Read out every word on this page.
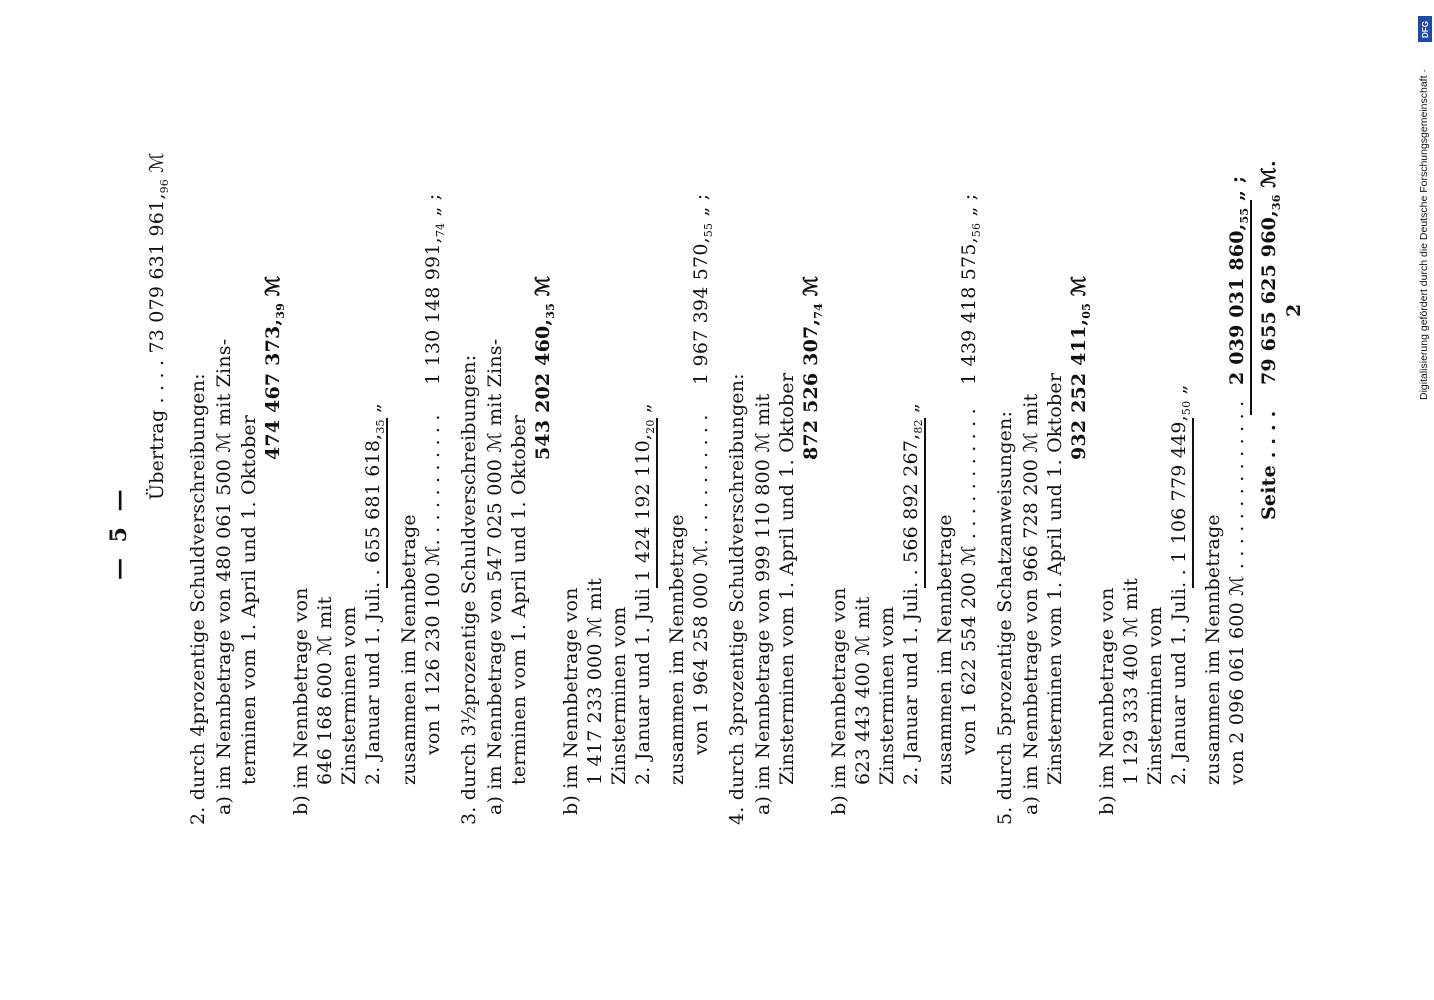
— 5 —
Übertrag . . . . 73 079 631 $961,_{96}$ ℳ
2. durch 4prozentige Schuldverschreibungen: a) im Nennbetrage von 480 061 500 ℳ mit Zins- terminen vom 1. April und 1. Oktober
474 467 $373,_{39}$ ℳ
b) im Nennbetrage von 646 168 600 ℳ mit Zinsterminen vom 2. Januar und 1. Juli. . 655 681 $618,_{35}$ „
zusammen im Nennbetrage von 1 126 230 100 ℳ. . . . . . . . . . .
1 130 148 $991,_{74}$ „ ;
3. durch 3½prozentige Schuldverschreibungen: a) im Nennbetrage von 547 025 000 ℳ mit Zins- terminen vom 1. April und 1. Oktober
543 202 $460,_{35}$ ℳ
b) im Nennbetrage von 1 417 233 000 ℳ mit Zinsterminen vom 2. Januar und 1. Juli 1 424 192 $110,_{20}$ „
zusammen im Nennbetrage von 1 964 258 000 ℳ. . . . . . . . . . .
1 967 394 $570,_{55}$ „ ;
4. durch 3prozentige Schuldverschreibungen: a) im Nennbetrage von 999 110 800 ℳ mit Zinsterminen vom 1. April und 1. Oktober 872 526 $307,_{74}$ ℳ
b) im Nennbetrage von 623 443 400 ℳ mit Zinsterminen vom 2. Januar und 1. Juli. . 566 892 $267,_{82}$ „
zusammen im Nennbetrage von 1 622 554 200 ℳ . . . . . . . . . . .
1 439 418 $575,_{56}$ „ ;
5. durch 5prozentige Schatzanweisungen: a) im Nennbetrage von 966 728 200 ℳ mit Zinsterminen vom 1. April und 1. Oktober 932 252 $411,_{05}$ ℳ
b) im Nennbetrage von 1 129 333 400 ℳ mit Zinsterminen vom 2. Januar und 1. Juli. . 1 106 779 $449,_{50}$ „
zusammen im Nennbetrage von 2 096 061 600 ℳ . . . . . . . . . . . . . .
2 039 031 $860,_{55}$ „ ;
Seite . . . .
79 655 625 $960,_{36}$ ℳ.
2
DFG
Digitalisierung gefördert durch die Deutsche Forschungsgemeinschaft ·
